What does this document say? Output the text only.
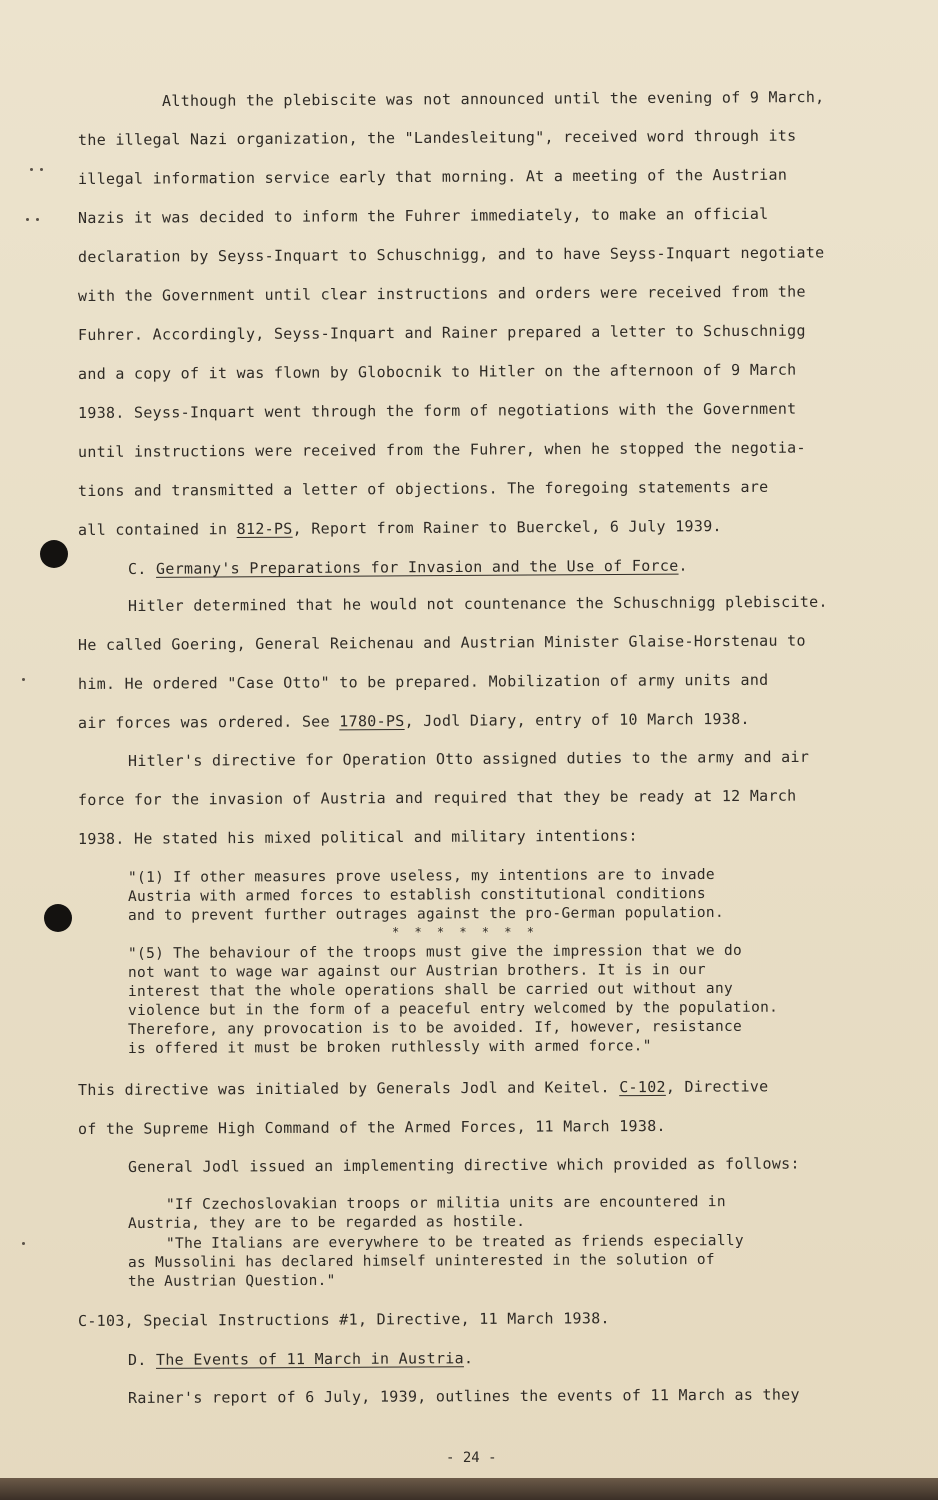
Although the plebiscite was not announced until the evening of 9 March,
the illegal Nazi organization, the "Landesleitung", received word through its
illegal information service early that morning. At a meeting of the Austrian
Nazis it was decided to inform the Fuhrer immediately, to make an official
declaration by Seyss-Inquart to Schuschnigg, and to have Seyss-Inquart negotiate
with the Government until clear instructions and orders were received from the
Fuhrer. Accordingly, Seyss-Inquart and Rainer prepared a letter to Schuschnigg
and a copy of it was flown by Globocnik to Hitler on the afternoon of 9 March
1938. Seyss-Inquart went through the form of negotiations with the Government
until instructions were received from the Fuhrer, when he stopped the negotia-
tions and transmitted a letter of objections. The foregoing statements are
all contained in 812-PS, Report from Rainer to Buerckel, 6 July 1939.
C. Germany's Preparations for Invasion and the Use of Force.
Hitler determined that he would not countenance the Schuschnigg plebiscite.
He called Goering, General Reichenau and Austrian Minister Glaise-Horstenau to
him. He ordered "Case Otto" to be prepared. Mobilization of army units and
air forces was ordered. See 1780-PS, Jodl Diary, entry of 10 March 1938.
Hitler's directive for Operation Otto assigned duties to the army and air
force for the invasion of Austria and required that they be ready at 12 March
1938. He stated his mixed political and military intentions:
"(1) If other measures prove useless, my intentions are to invade
Austria with armed forces to establish constitutional conditions
and to prevent further outrages against the pro-German population.
* * * * * * *
"(5) The behaviour of the troops must give the impression that we do
not want to wage war against our Austrian brothers. It is in our
interest that the whole operations shall be carried out without any
violence but in the form of a peaceful entry welcomed by the population.
Therefore, any provocation is to be avoided. If, however, resistance
is offered it must be broken ruthlessly with armed force."
This directive was initialed by Generals Jodl and Keitel. C-102, Directive
of the Supreme High Command of the Armed Forces, 11 March 1938.
General Jodl issued an implementing directive which provided as follows:
"If Czechoslovakian troops or militia units are encountered in
Austria, they are to be regarded as hostile.
"The Italians are everywhere to be treated as friends especially
as Mussolini has declared himself uninterested in the solution of
the Austrian Question."
C-103, Special Instructions #1, Directive, 11 March 1938.
D. The Events of 11 March in Austria.
Rainer's report of 6 July, 1939, outlines the events of 11 March as they
- 24 -
